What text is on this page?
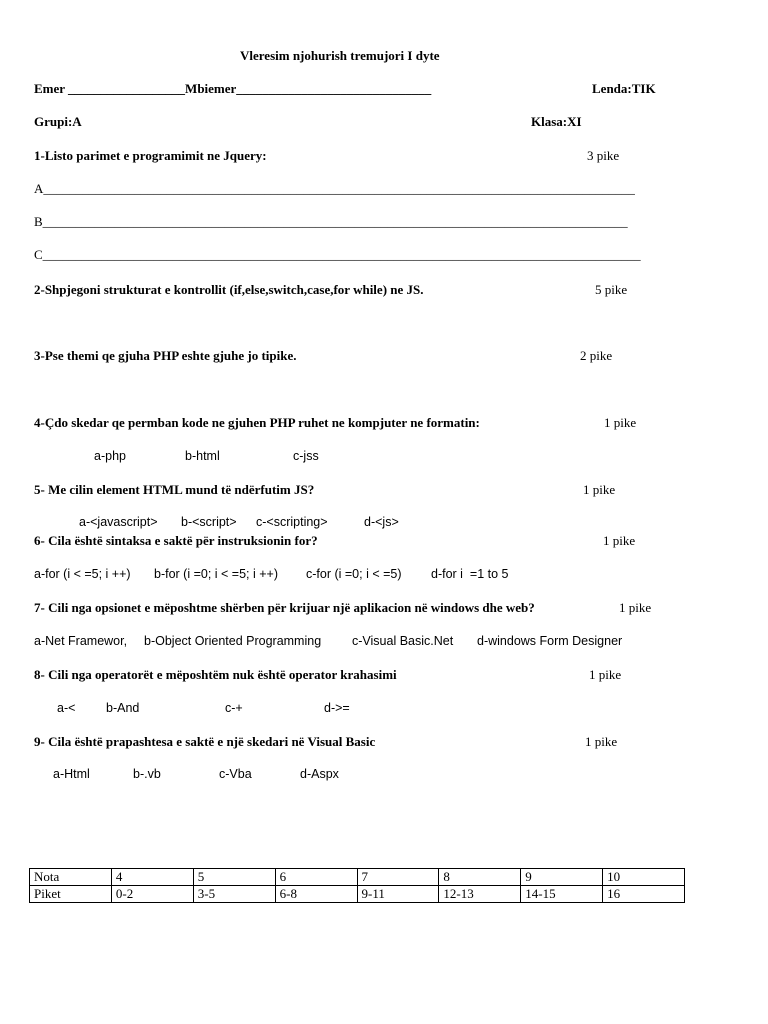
Vleresim njohurish tremujori I dyte
Emer __________________Mbiemer______________________________	Lenda:TIK
Grupi:A	Klasa:XI
1-Listo parimet e programimit ne Jquery:	3 pike
A___________________________________________________________________________________________
B__________________________________________________________________________________________
C____________________________________________________________________________________________
2-Shpjegoni strukturat e kontrollit (if,else,switch,case,for while) ne JS.	5 pike
3-Pse themi qe gjuha PHP eshte gjuhe jo tipike.	2 pike
4-Çdo skedar qe permban kode ne gjuhen PHP ruhet ne kompjuter ne formatin:	1 pike
a-php	b-html	c-jss
5- Me cilin element HTML mund të ndërfutim JS?	1 pike
a-<javascript> b-<script> c-<scripting>	d-<js>
6- Cila është sintaksa e saktë për instruksionin for?	1 pike
a-for (i < =5; i ++) b-for (i =0; i < =5; i ++) c-for (i =0; i < =5) d-for i  =1 to 5
7- Cili nga opsionet e mëposhtme shërben për krijuar një aplikacion në windows dhe web?	1 pike
a-Net Framewor, b-Object Oriented Programming c-Visual Basic.Net d-windows Form Designer
8- Cili nga operatorët e mëposhtëm nuk është operator krahasimi	1 pike
a-< b-And	c-+	d->=
9- Cila është prapashtesa e saktë e një skedari në Visual Basic	1 pike
a-Html	b-.vb	c-Vba	d-Aspx
Nota	4	5	6	7	8	9	10
Piket	0-2	3-5	6-8	9-11	12-13	14-15	16
